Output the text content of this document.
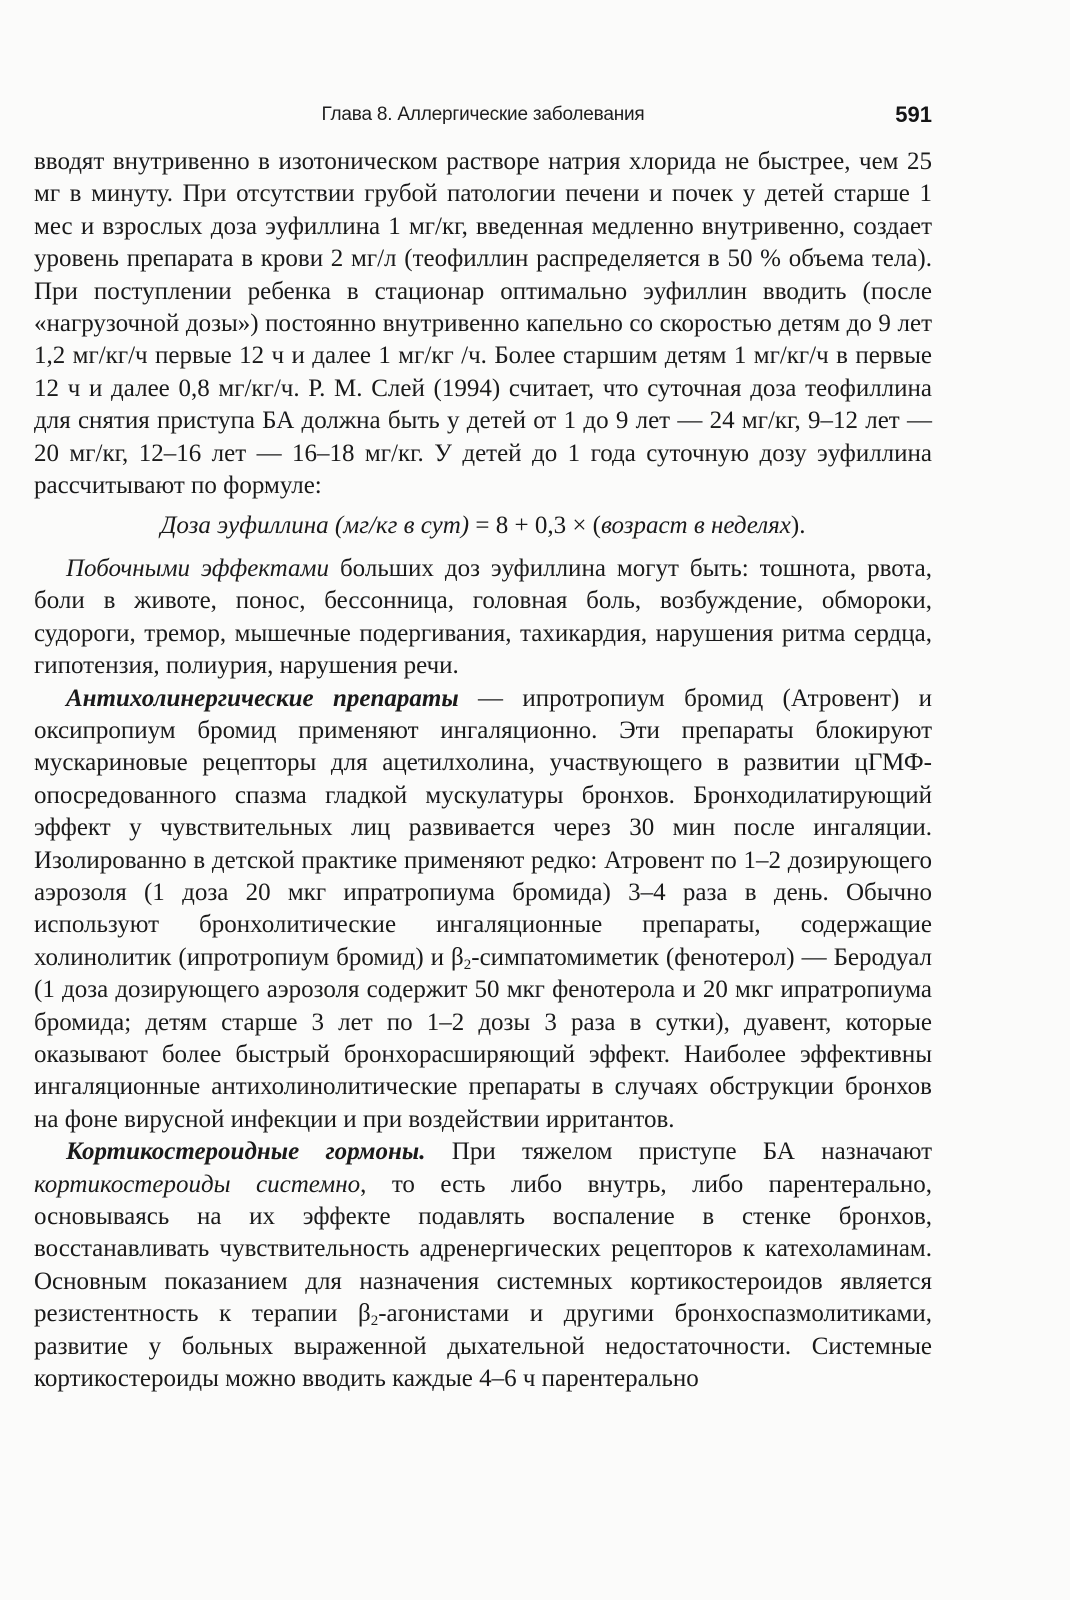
Глава 8. Аллергические заболевания	591

вводят внутривенно в изотоническом растворе натрия хлорида не быстрее, чем 25 мг в минуту. При отсутствии грубой патологии печени и почек у детей старше 1 мес и взрослых доза эуфиллина 1 мг/кг, введенная медленно внутривенно, создает уровень препарата в крови 2 мг/л (теофиллин распределяется в 50 % объема тела). При поступлении ребенка в стационар оптимально эуфиллин вводить (после «нагрузочной дозы») постоянно внутривенно капельно со скоростью детям до 9 лет 1,2 мг/кг/ч первые 12 ч и далее 1 мг/кг /ч. Более старшим детям 1 мг/кг/ч в первые 12 ч и далее 0,8 мг/кг/ч. Р. М. Слей (1994) считает, что суточная доза теофиллина для снятия приступа БА должна быть у детей от 1 до 9 лет — 24 мг/кг, 9–12 лет — 20 мг/кг, 12–16 лет — 16–18 мг/кг. У детей до 1 года суточную дозу эуфиллина рассчитывают по формуле:

Доза эуфиллина (мг/кг в сут) = 8 + 0,3 × (возраст в неделях).

Побочными эффектами больших доз эуфиллина могут быть: тошнота, рвота, боли в животе, понос, бессонница, головная боль, возбуждение, обмороки, судороги, тремор, мышечные подергивания, тахикардия, нарушения ритма сердца, гипотензия, полиурия, нарушения речи.

Антихолинергические препараты — ипротропиум бромид (Атровент) и оксипропиум бромид применяют ингаляционно. Эти препараты блокируют мускариновые рецепторы для ацетилхолина, участвующего в развитии цГМФ-опосредованного спазма гладкой мускулатуры бронхов. Бронходилатирующий эффект у чувствительных лиц развивается через 30 мин после ингаляции. Изолированно в детской практике применяют редко: Атровент по 1–2 дозирующего аэрозоля (1 доза 20 мкг ипратропиума бромида) 3–4 раза в день. Обычно используют бронхолитические ингаляционные препараты, содержащие холинолитик (ипротропиум бромид) и $\beta_2$-симпатомиметик (фенотерол) — Беродуал (1 доза дозирующего аэрозоля содержит 50 мкг фенотерола и 20 мкг ипратропиума бромида; детям старше 3 лет по 1–2 дозы 3 раза в сутки), дуавент, которые оказывают более быстрый бронхорасширяющий эффект. Наиболее эффективны ингаляционные антихолинолитические препараты в случаях обструкции бронхов на фоне вирусной инфекции и при воздействии ирритантов.

Кортикостероидные гормоны. При тяжелом приступе БА назначают кортикостероиды системно, то есть либо внутрь, либо парентерально, основываясь на их эффекте подавлять воспаление в стенке бронхов, восстанавливать чувствительность адренергических рецепторов к катехоламинам. Основным показанием для назначения системных кортикостероидов является резистентность к терапии $\beta_2$-агонистами и другими бронхоспазмолитиками, развитие у больных выраженной дыхательной недостаточности. Системные кортикостероиды можно вводить каждые 4–6 ч парентерально
